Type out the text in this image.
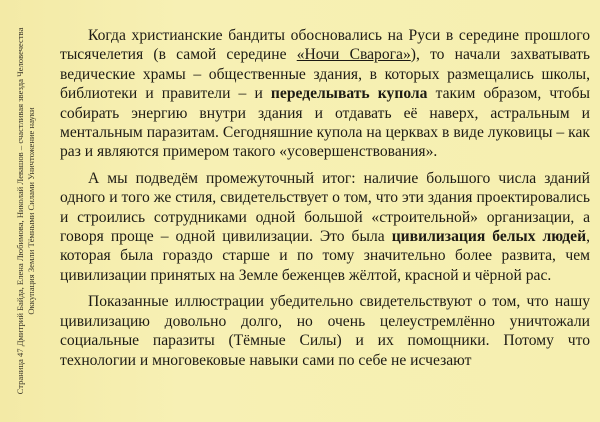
Страница 47 Дмитрий Байда, Елена Любимова, Николай Левашов – счастливая звезда Человечества Оккупация Земли Тёмными Силами Уничтожение науки

Когда христианские бандиты обосновались на Руси в середине прошлого тысячелетия (в самой середине «Ночи Сварога»), то начали захватывать ведические храмы – общественные здания, в которых размещались школы, библиотеки и правители – и переделывать купола таким образом, чтобы собирать энергию внутри здания и отдавать её наверх, астральным и ментальным паразитам. Сегодняшние купола на церквах в виде луковицы – как раз и являются примером такого «усовершенствования».

А мы подведём промежуточный итог: наличие большого числа зданий одного и того же стиля, свидетельствует о том, что эти здания проектировались и строились сотрудниками одной большой «строительной» организации, а говоря проще – одной цивилизации. Это была цивилизация белых людей, которая была гораздо старше и по тому значительно более развита, чем цивилизации принятых на Земле беженцев жёлтой, красной и чёрной рас.

Показанные иллюстрации убедительно свидетельствуют о том, что нашу цивилизацию довольно долго, но очень целеустремлённо уничтожали социальные паразиты (Тёмные Силы) и их помощники. Потому что технологии и многовековые навыки сами по себе не исчезают
